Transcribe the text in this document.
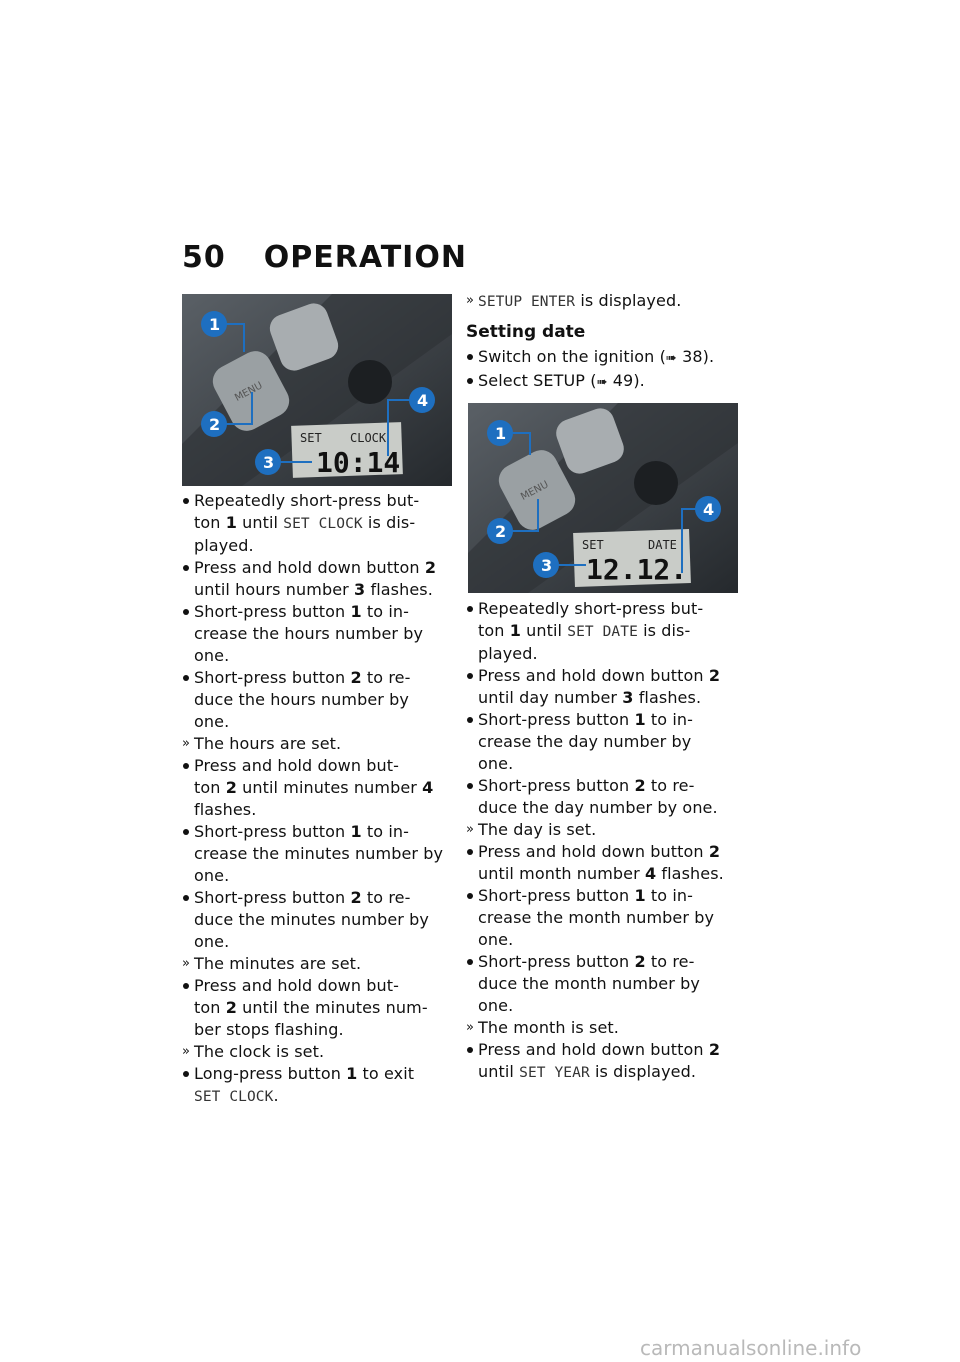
50 OPERATION
MENU
SET CLOCK
10:14
1
2
3
4
Repeatedly short-press but-
ton 1 until SET CLOCK is dis-
played.
Press and hold down button 2
until hours number 3 flashes.
Short-press button 1 to in-
crease the hours number by
one.
Short-press button 2 to re-
duce the hours number by
one.
» The hours are set.
Press and hold down but-
ton 2 until minutes number 4
flashes.
Short-press button 1 to in-
crease the minutes number by
one.
Short-press button 2 to re-
duce the minutes number by
one.
» The minutes are set.
Press and hold down but-
ton 2 until the minutes num-
ber stops flashing.
» The clock is set.
Long-press button 1 to exit
SET CLOCK.
» SETUP ENTER is displayed.
Setting date
Switch on the ignition (➠ 38).
Select SETUP (➠ 49).
MENU
SET	DATE
12.12.
1
2
3
4
Repeatedly short-press but-
ton 1 until SET DATE is dis-
played.
Press and hold down button 2
until day number 3 flashes.
Short-press button 1 to in-
crease the day number by
one.
Short-press button 2 to re-
duce the day number by one.
» The day is set.
Press and hold down button 2
until month number 4 flashes.
Short-press button 1 to in-
crease the month number by
one.
Short-press button 2 to re-
duce the month number by
one.
» The month is set.
Press and hold down button 2
until SET YEAR is displayed.
carmanualsonline.info
